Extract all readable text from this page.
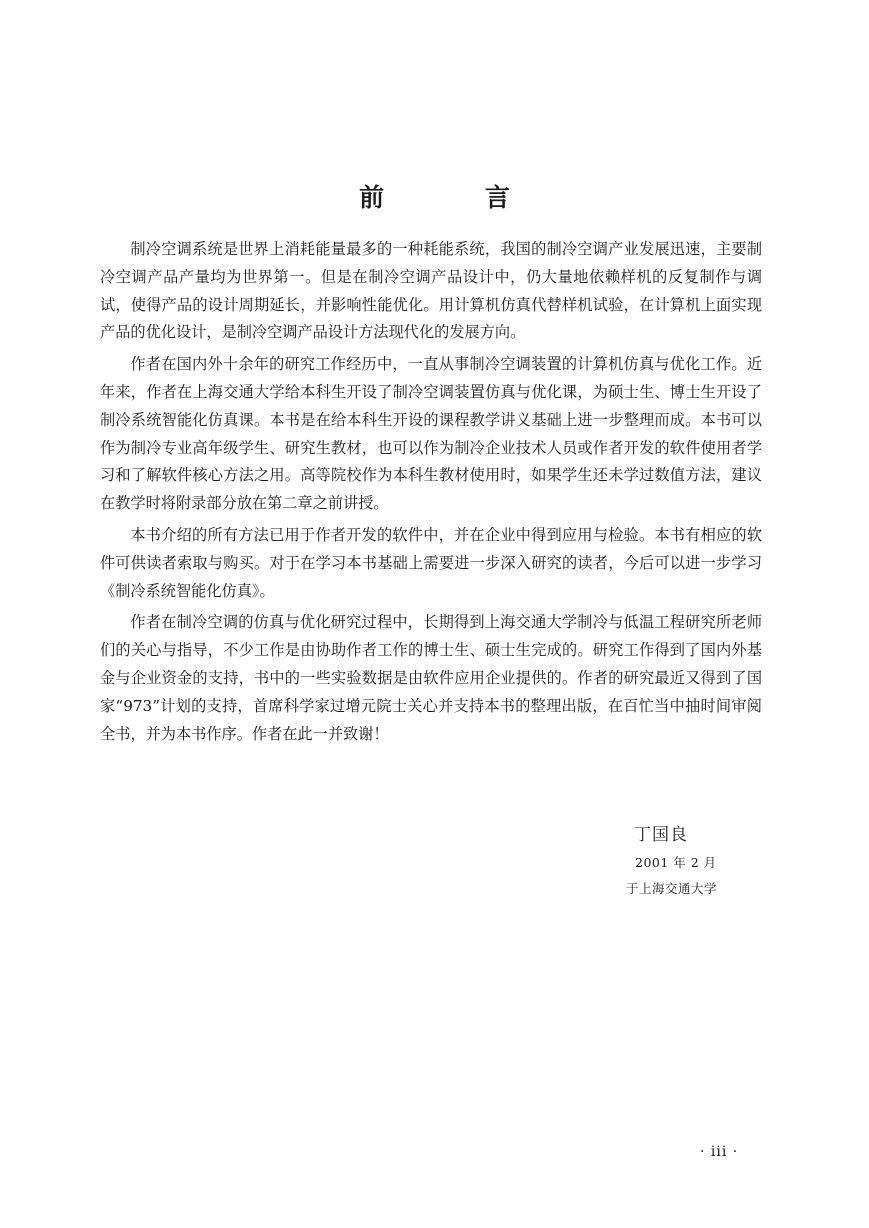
前 言

制冷空调系统是世界上消耗能量最多的一种耗能系统，我国的制冷空调产业发展迅速，主要制冷空调产品产量均为世界第一。但是在制冷空调产品设计中，仍大量地依赖样机的反复制作与调试，使得产品的设计周期延长，并影响性能优化。用计算机仿真代替样机试验，在计算机上面实现产品的优化设计，是制冷空调产品设计方法现代化的发展方向。

作者在国内外十余年的研究工作经历中，一直从事制冷空调装置的计算机仿真与优化工作。近年来，作者在上海交通大学给本科生开设了制冷空调装置仿真与优化课，为硕士生、博士生开设了制冷系统智能化仿真课。本书是在给本科生开设的课程教学讲义基础上进一步整理而成。本书可以作为制冷专业高年级学生、研究生教材，也可以作为制冷企业技术人员或作者开发的软件使用者学习和了解软件核心方法之用。高等院校作为本科生教材使用时，如果学生还未学过数值方法，建议在教学时将附录部分放在第二章之前讲授。

本书介绍的所有方法已用于作者开发的软件中，并在企业中得到应用与检验。本书有相应的软件可供读者索取与购买。对于在学习本书基础上需要进一步深入研究的读者，今后可以进一步学习《制冷系统智能化仿真》。

作者在制冷空调的仿真与优化研究过程中，长期得到上海交通大学制冷与低温工程研究所老师们的关心与指导，不少工作是由协助作者工作的博士生、硕士生完成的。研究工作得到了国内外基金与企业资金的支持，书中的一些实验数据是由软件应用企业提供的。作者的研究最近又得到了国家“973”计划的支持，首席科学家过增元院士关心并支持本书的整理出版，在百忙当中抽时间审阅全书，并为本书作序。作者在此一并致谢！

丁国良
2001 年 2 月
于上海交通大学
· iii ·
